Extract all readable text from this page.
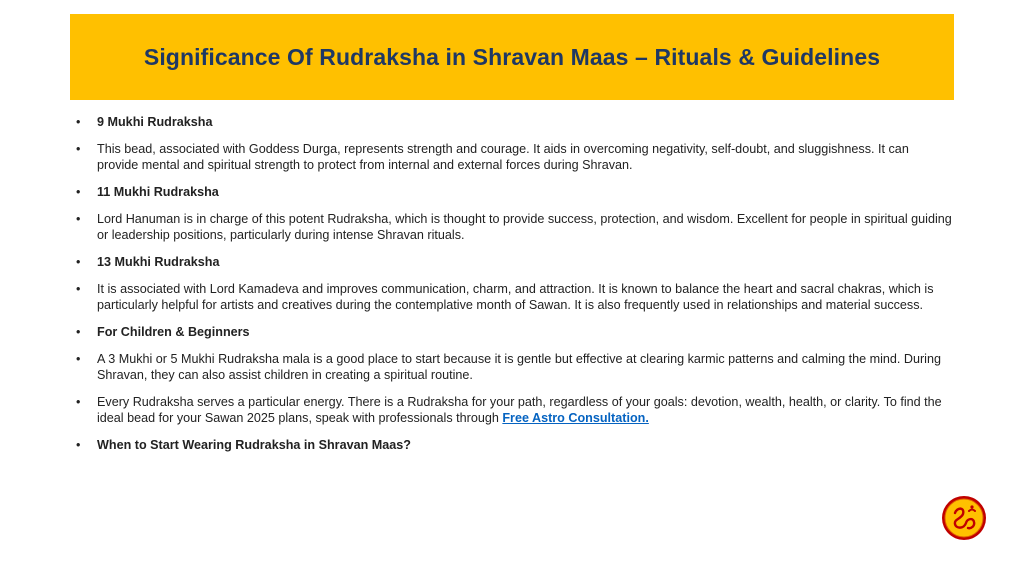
Significance Of Rudraksha in Shravan Maas – Rituals & Guidelines
• 9 Mukhi Rudraksha
• This bead, associated with Goddess Durga, represents strength and courage. It aids in overcoming negativity, self-doubt, and sluggishness. It can provide mental and spiritual strength to protect from internal and external forces during Shravan.
• 11 Mukhi Rudraksha
• Lord Hanuman is in charge of this potent Rudraksha, which is thought to provide success, protection, and wisdom. Excellent for people in spiritual guiding or leadership positions, particularly during intense Shravan rituals.
• 13 Mukhi Rudraksha
• It is associated with Lord Kamadeva and improves communication, charm, and attraction. It is known to balance the heart and sacral chakras, which is particularly helpful for artists and creatives during the contemplative month of Sawan. It is also frequently used in relationships and material success.
• For Children & Beginners
• A 3 Mukhi or 5 Mukhi Rudraksha mala is a good place to start because it is gentle but effective at clearing karmic patterns and calming the mind. During Shravan, they can also assist children in creating a spiritual routine.
• Every Rudraksha serves a particular energy. There is a Rudraksha for your path, regardless of your goals: devotion, wealth, health, or clarity. To find the ideal bead for your Sawan 2025 plans, speak with professionals through Free Astro Consultation.
• When to Start Wearing Rudraksha in Shravan Maas?
